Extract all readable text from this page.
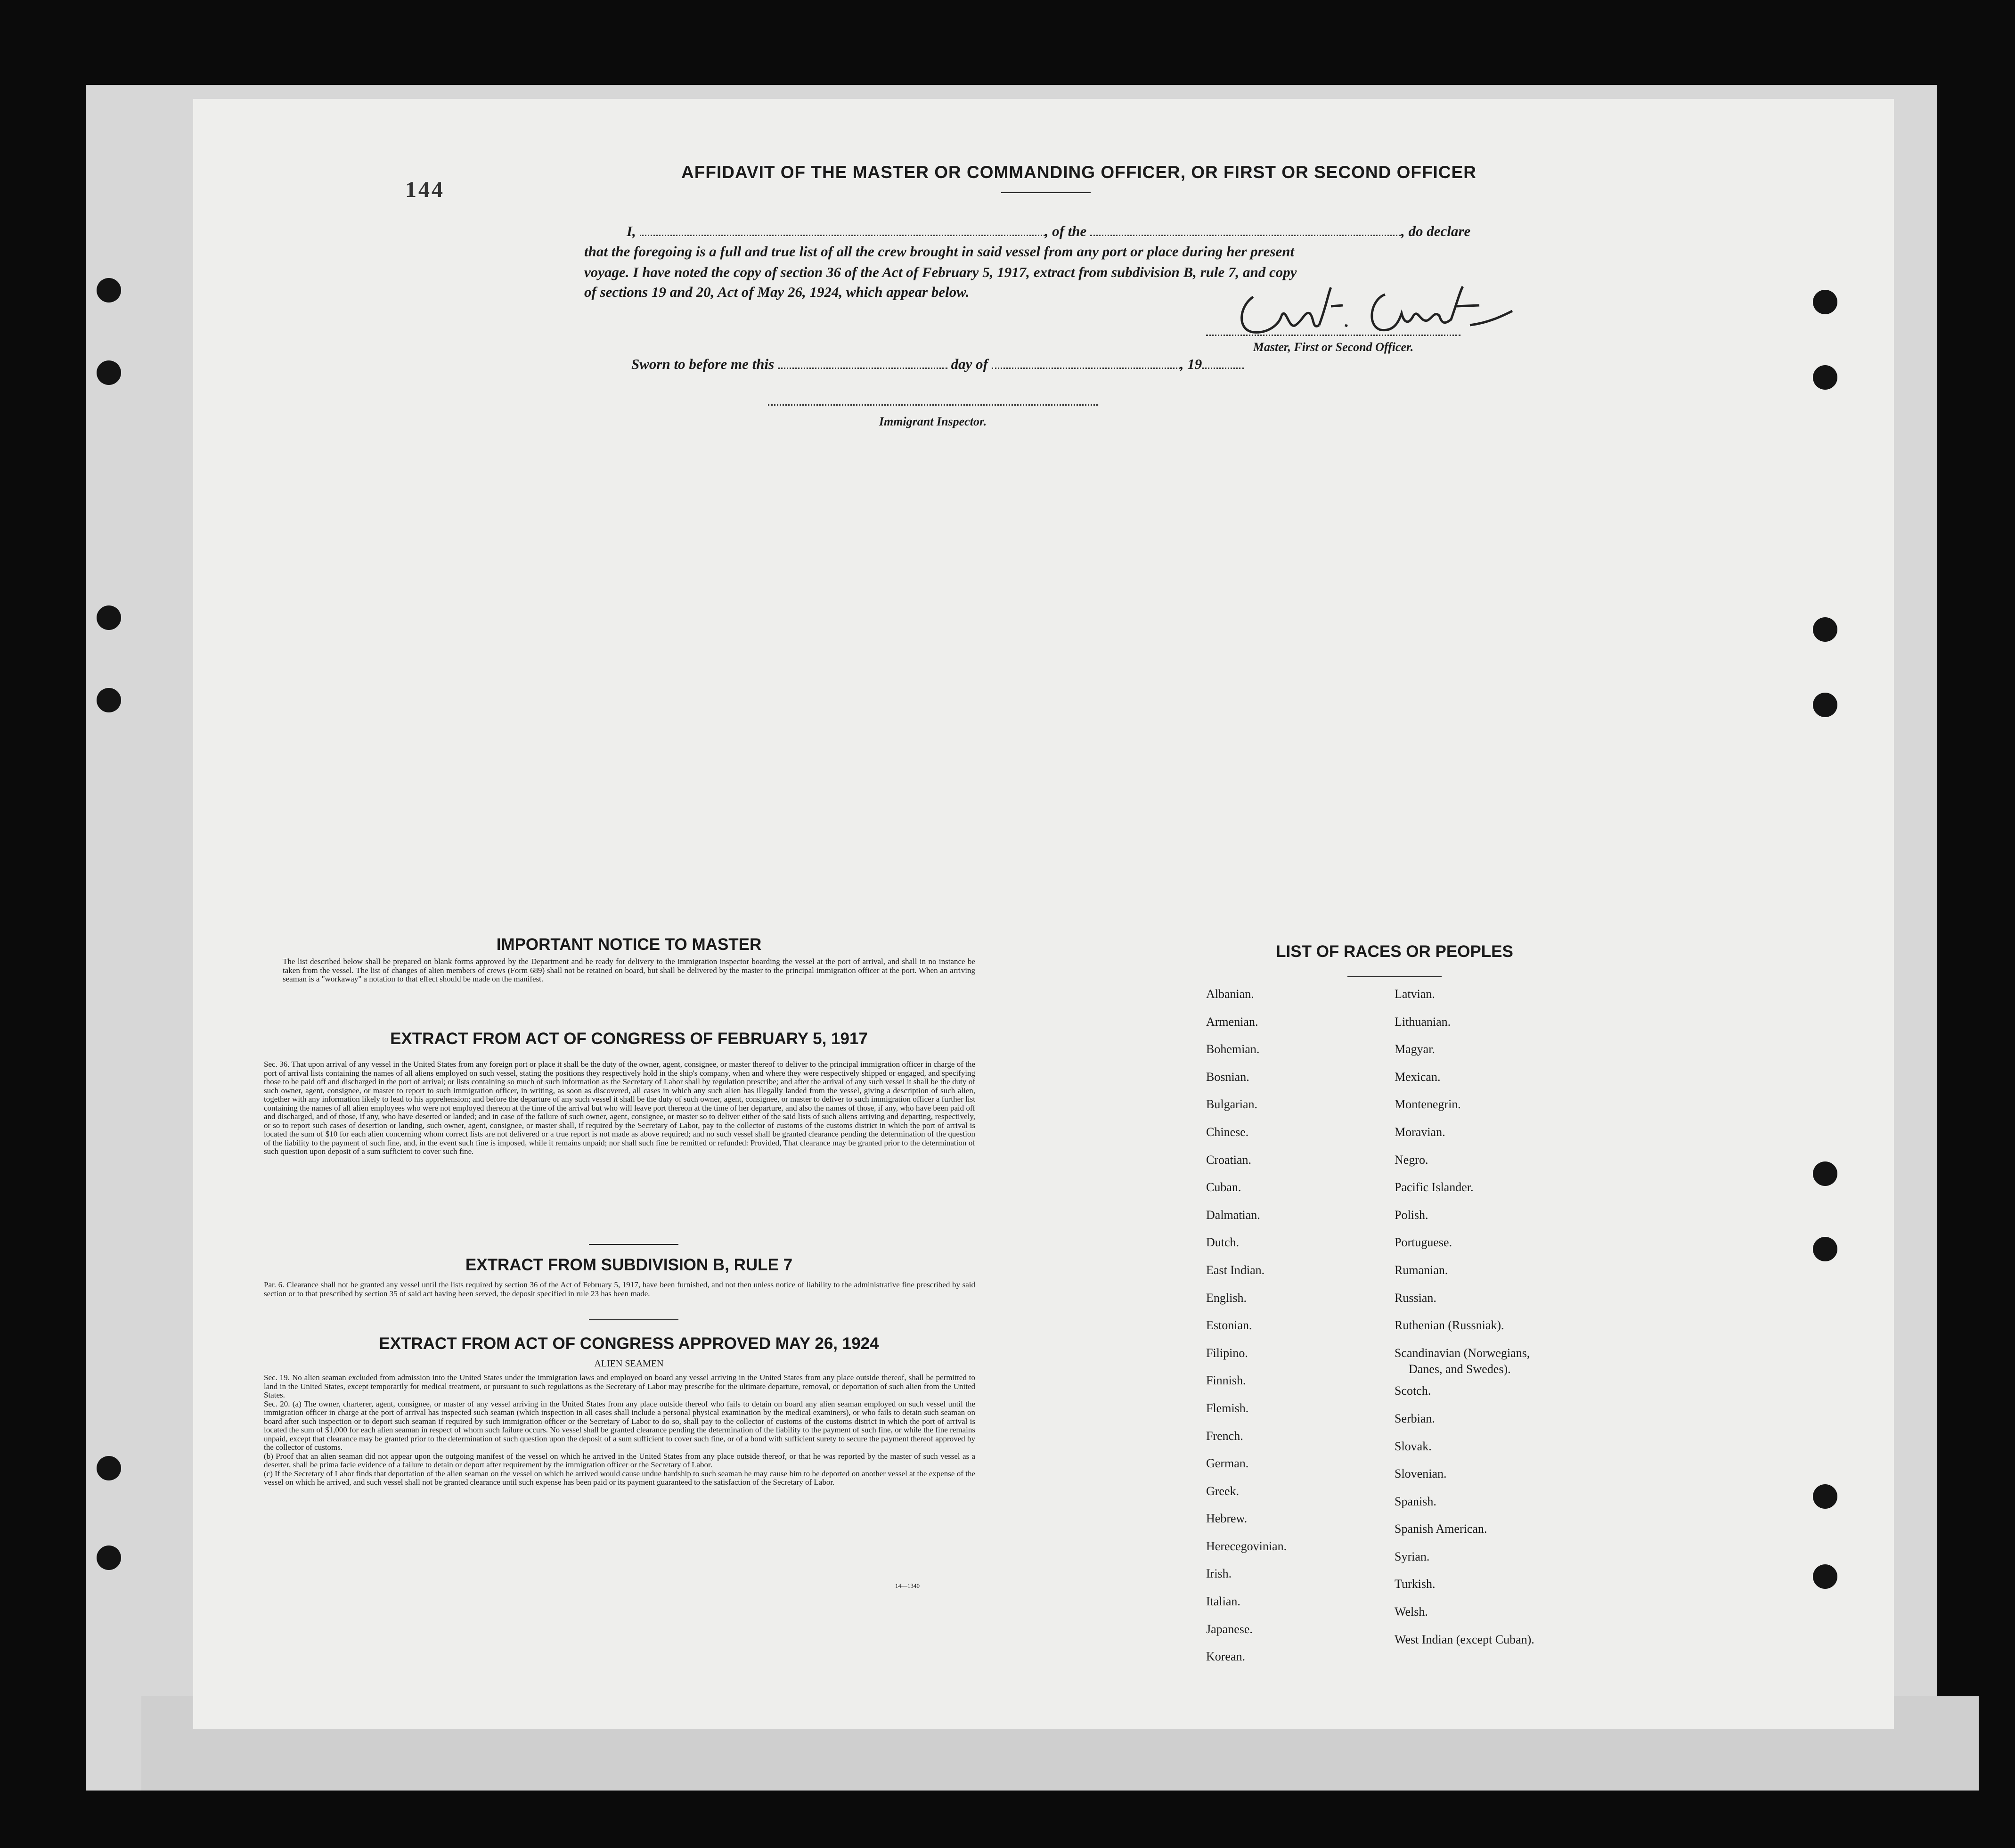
144
AFFIDAVIT OF THE MASTER OR COMMANDING OFFICER, OR FIRST OR SECOND OFFICER
I,	, of the	, do declare
that the foregoing is a full and true list of all the crew brought in said vessel from any port or place during her present
voyage. I have noted the copy of section 36 of the Act of February 5, 1917, extract from subdivision B, rule 7, and copy
of sections 19 and 20, Act of May 26, 1924, which appear below.
Master, First or Second Officer.
Sworn to before me this	day of	, 19
Immigrant Inspector.
IMPORTANT NOTICE TO MASTER
The list described below shall be prepared on blank forms approved by the Department and be ready for delivery to the immigration inspector boarding the vessel at the port of arrival, and shall in no instance be taken from the vessel. The list of changes of alien members of crews (Form 689) shall not be retained on board, but shall be delivered by the master to the principal immigration officer at the port. When an arriving seaman is a "workaway" a notation to that effect should be made on the manifest.
EXTRACT FROM ACT OF CONGRESS OF FEBRUARY 5, 1917
Sec. 36. That upon arrival of any vessel in the United States from any foreign port or place it shall be the duty of the owner, agent, consignee, or master thereof to deliver to the principal immigration officer in charge of the port of arrival lists containing the names of all aliens employed on such vessel, stating the positions they respectively hold in the ship's company, when and where they were respectively shipped or engaged, and specifying those to be paid off and discharged in the port of arrival; or lists containing so much of such information as the Secretary of Labor shall by regulation prescribe; and after the arrival of any such vessel it shall be the duty of such owner, agent, consignee, or master to report to such immigration officer, in writing, as soon as discovered, all cases in which any such alien has illegally landed from the vessel, giving a description of such alien, together with any information likely to lead to his apprehension; and before the departure of any such vessel it shall be the duty of such owner, agent, consignee, or master to deliver to such immigration officer a further list containing the names of all alien employees who were not employed thereon at the time of the arrival but who will leave port thereon at the time of her departure, and also the names of those, if any, who have been paid off and discharged, and of those, if any, who have deserted or landed; and in case of the failure of such owner, agent, consignee, or master so to deliver either of the said lists of such aliens arriving and departing, respectively, or so to report such cases of desertion or landing, such owner, agent, consignee, or master shall, if required by the Secretary of Labor, pay to the collector of customs of the customs district in which the port of arrival is located the sum of $10 for each alien concerning whom correct lists are not delivered or a true report is not made as above required; and no such vessel shall be granted clearance pending the determination of the question of the liability to the payment of such fine, and, in the event such fine is imposed, while it remains unpaid; nor shall such fine be remitted or refunded: Provided, That clearance may be granted prior to the determination of such question upon deposit of a sum sufficient to cover such fine.
EXTRACT FROM SUBDIVISION B, RULE 7
Par. 6. Clearance shall not be granted any vessel until the lists required by section 36 of the Act of February 5, 1917, have been furnished, and not then unless notice of liability to the administrative fine prescribed by said section or to that prescribed by section 35 of said act having been served, the deposit specified in rule 23 has been made.
EXTRACT FROM ACT OF CONGRESS APPROVED MAY 26, 1924
ALIEN SEAMEN
Sec. 19. No alien seaman excluded from admission into the United States under the immigration laws and employed on board any vessel arriving in the United States from any place outside thereof, shall be permitted to land in the United States, except temporarily for medical treatment, or pursuant to such regulations as the Secretary of Labor may prescribe for the ultimate departure, removal, or deportation of such alien from the United States.
Sec. 20. (a) The owner, charterer, agent, consignee, or master of any vessel arriving in the United States from any place outside thereof who fails to detain on board any alien seaman employed on such vessel until the immigration officer in charge at the port of arrival has inspected such seaman (which inspection in all cases shall include a personal physical examination by the medical examiners), or who fails to detain such seaman on board after such inspection or to deport such seaman if required by such immigration officer or the Secretary of Labor to do so, shall pay to the collector of customs of the customs district in which the port of arrival is located the sum of $1,000 for each alien seaman in respect of whom such failure occurs. No vessel shall be granted clearance pending the determination of the liability to the payment of such fine, or while the fine remains unpaid, except that clearance may be granted prior to the determination of such question upon the deposit of a sum sufficient to cover such fine, or of a bond with sufficient surety to secure the payment thereof approved by the collector of customs.
(b) Proof that an alien seaman did not appear upon the outgoing manifest of the vessel on which he arrived in the United States from any place outside thereof, or that he was reported by the master of such vessel as a deserter, shall be prima facie evidence of a failure to detain or deport after requirement by the immigration officer or the Secretary of Labor.
(c) If the Secretary of Labor finds that deportation of the alien seaman on the vessel on which he arrived would cause undue hardship to such seaman he may cause him to be deported on another vessel at the expense of the vessel on which he arrived, and such vessel shall not be granted clearance until such expense has been paid or its payment guaranteed to the satisfaction of the Secretary of Labor.
14—1340
LIST OF RACES OR PEOPLES
Albanian.
Armenian.
Bohemian.
Bosnian.
Bulgarian.
Chinese.
Croatian.
Cuban.
Dalmatian.
Dutch.
East Indian.
English.
Estonian.
Filipino.
Finnish.
Flemish.
French.
German.
Greek.
Hebrew.
Herecegovinian.
Irish.
Italian.
Japanese.
Korean.
Latvian.
Lithuanian.
Magyar.
Mexican.
Montenegrin.
Moravian.
Negro.
Pacific Islander.
Polish.
Portuguese.
Rumanian.
Russian.
Ruthenian (Russniak).
Scandinavian (Norwegians,
Danes, and Swedes).
Scotch.
Serbian.
Slovak.
Slovenian.
Spanish.
Spanish American.
Syrian.
Turkish.
Welsh.
West Indian (except Cuban).
